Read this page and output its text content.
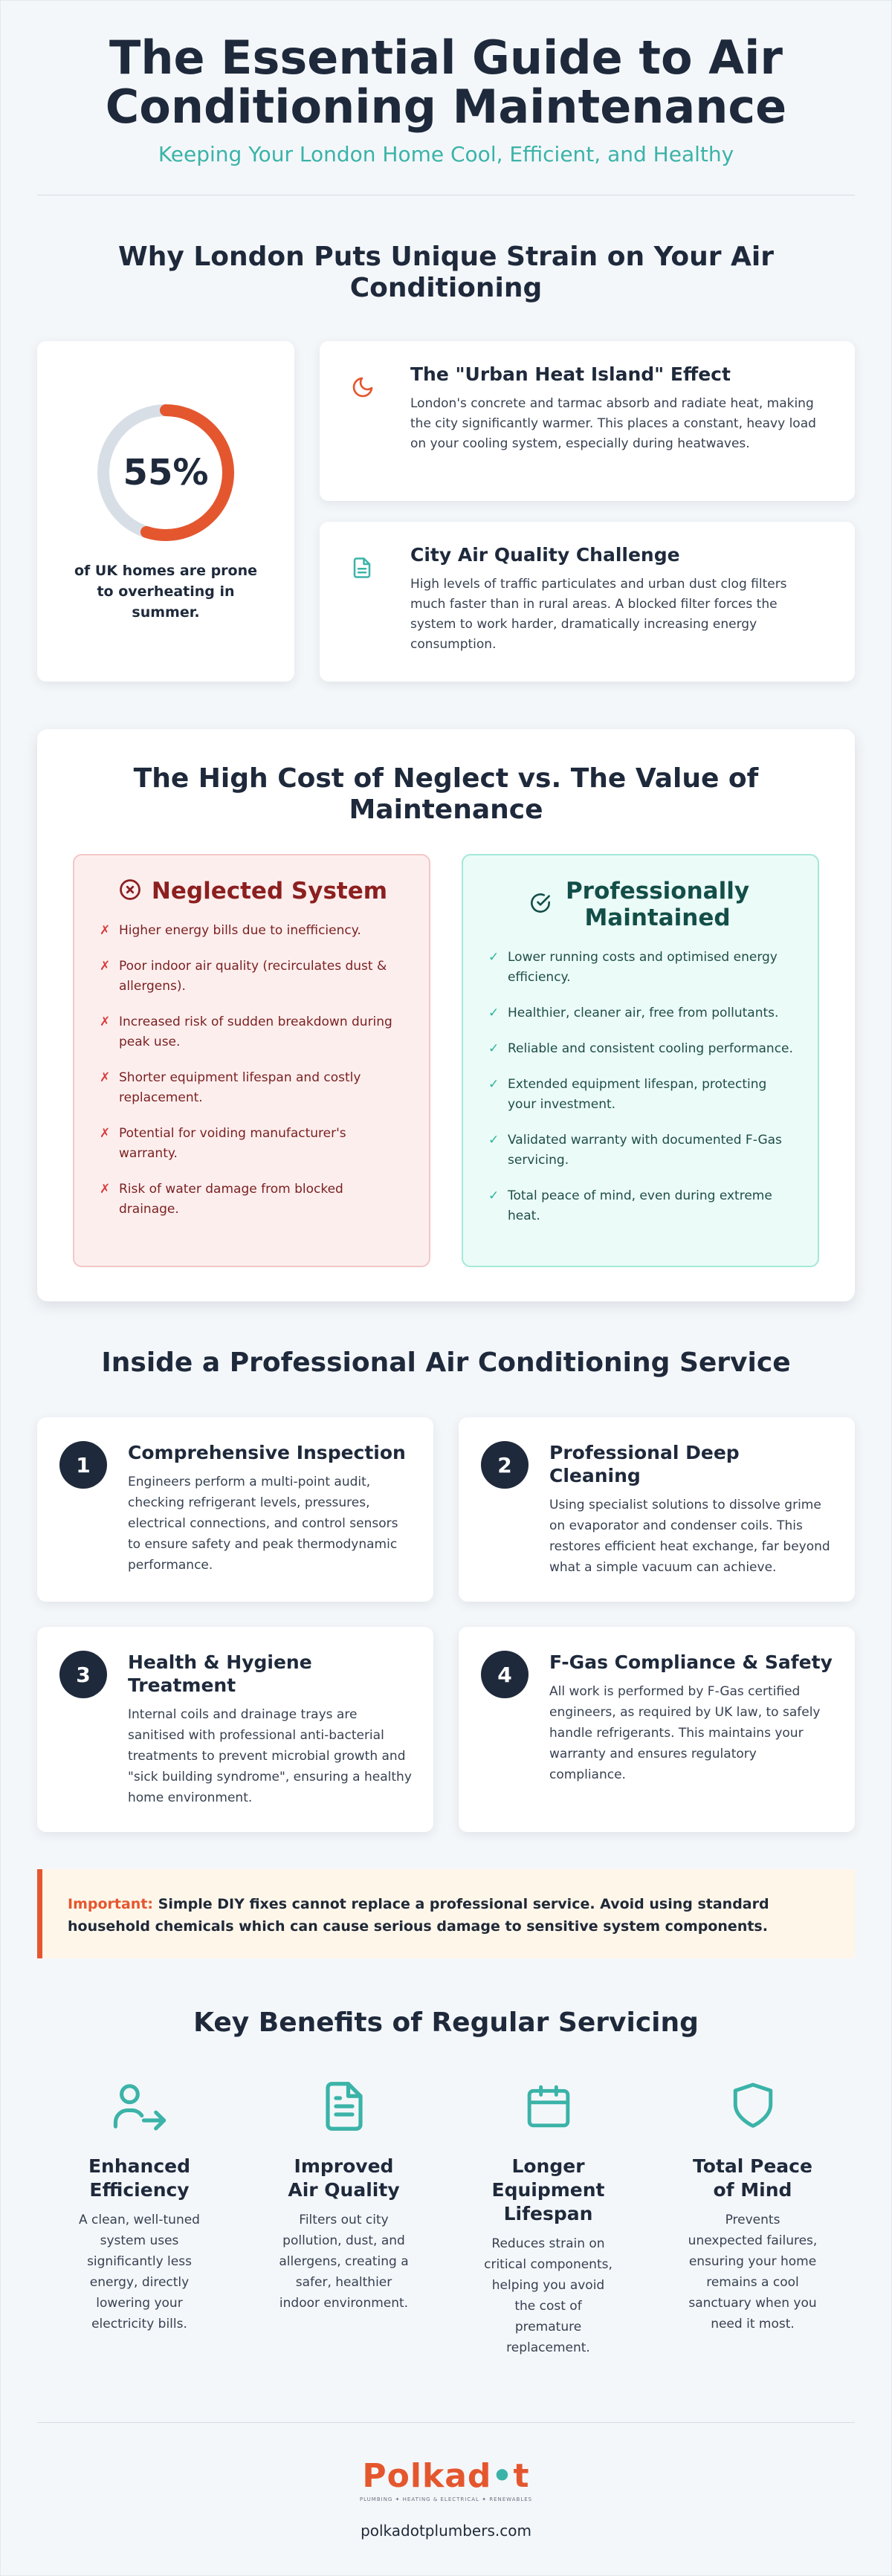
The Essential Guide to Air
Conditioning Maintenance
Keeping Your London Home Cool, Efficient, and Healthy
Why London Puts Unique Strain on Your Air Conditioning
55%
of UK homes are prone to overheating in summer.
The "Urban Heat Island" Effect
London's concrete and tarmac absorb and radiate heat, making the city significantly warmer. This places a constant, heavy load on your cooling system, especially during heatwaves.
City Air Quality Challenge
High levels of traffic particulates and urban dust clog filters much faster than in rural areas. A blocked filter forces the system to work harder, dramatically increasing energy consumption.
The High Cost of Neglect vs. The Value of Maintenance
Neglected System
✗ Higher energy bills due to inefficiency.
✗ Poor indoor air quality (recirculates dust & allergens).
✗ Increased risk of sudden breakdown during peak use.
✗ Shorter equipment lifespan and costly replacement.
✗ Potential for voiding manufacturer's warranty.
✗ Risk of water damage from blocked drainage.
Professionally Maintained
✓ Lower running costs and optimised energy efficiency.
✓ Healthier, cleaner air, free from pollutants.
✓ Reliable and consistent cooling performance.
✓ Extended equipment lifespan, protecting your investment.
✓ Validated warranty with documented F-Gas servicing.
✓ Total peace of mind, even during extreme heat.
Inside a Professional Air Conditioning Service
1	Comprehensive Inspection
Engineers perform a multi-point audit, checking refrigerant levels, pressures, electrical connections, and control sensors to ensure safety and peak thermodynamic performance.
2	Professional Deep Cleaning
Using specialist solutions to dissolve grime on evaporator and condenser coils. This restores efficient heat exchange, far beyond what a simple vacuum can achieve.
3	Health & Hygiene Treatment
Internal coils and drainage trays are sanitised with professional anti-bacterial treatments to prevent microbial growth and "sick building syndrome", ensuring a healthy home environment.
4	F-Gas Compliance & Safety
All work is performed by F-Gas certified engineers, as required by UK law, to safely handle refrigerants. This maintains your warranty and ensures regulatory compliance.
Important: Simple DIY fixes cannot replace a professional service. Avoid using standard household chemicals which can cause serious damage to sensitive system components.
Key Benefits of Regular Servicing
Enhanced Efficiency
A clean, well-tuned system uses significantly less energy, directly lowering your electricity bills.
Improved Air Quality
Filters out city pollution, dust, and allergens, creating a safer, healthier indoor environment.
Longer Equipment Lifespan
Reduces strain on critical components, helping you avoid the cost of premature replacement.
Total Peace of Mind
Prevents unexpected failures, ensuring your home remains a cool sanctuary when you need it most.
Polkad•t
PLUMBING ✦ HEATING & ELECTRICAL ✦ RENEWABLES
polkadotplumbers.com
